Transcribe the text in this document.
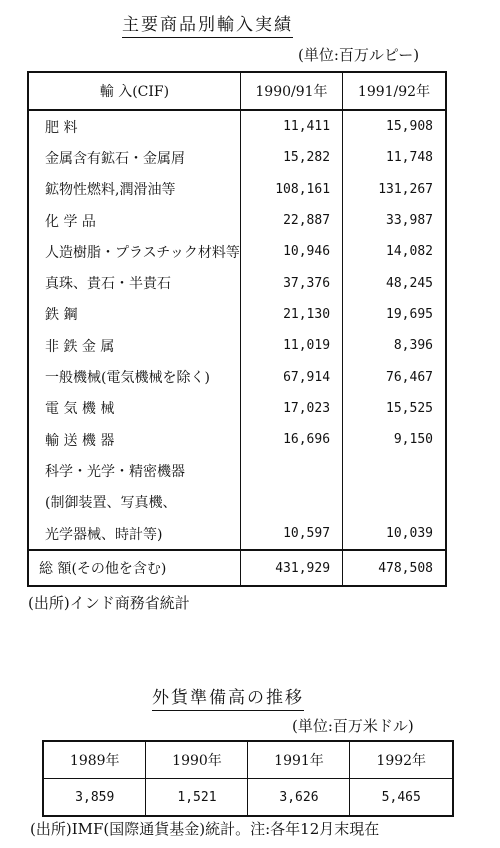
主要商品別輸入実績
(単位:百万ルピー)
輸 入(CIF)	1990/91年	1991/92年
肥 料	11,411	15,908
金属含有鉱石・金属屑	15,282	11,748
鉱物性燃料,潤滑油等	108,161	131,267
化 学 品	22,887	33,987
人造樹脂・プラスチック材料等	10,946	14,082
真珠、貴石・半貴石	37,376	48,245
鉄 鋼	21,130	19,695
非 鉄 金 属	11,019	8,396
一般機械(電気機械を除く)	67,914	76,467
電 気 機 械	17,023	15,525
輸 送 機 器	16,696	9,150
科学・光学・精密機器		
(制御装置、写真機、		
光学器械、時計等)	10,597	10,039
総 額(その他を含む)	431,929	478,508
(出所)インド商務省統計
外貨準備高の推移
(単位:百万米ドル)
1989年	1990年	1991年	1992年
3,859	1,521	3,626	5,465
(出所)IMF(国際通貨基金)統計。注:各年12月末現在
